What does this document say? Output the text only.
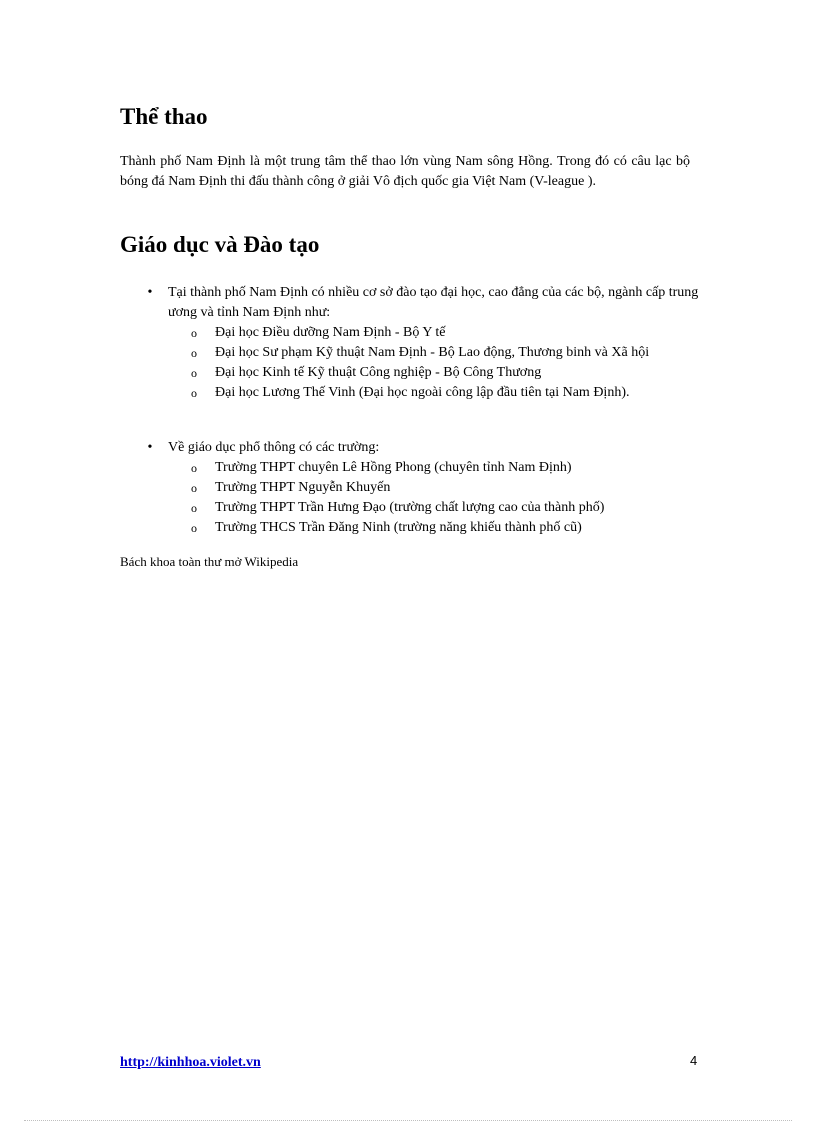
Thể thao

Thành phố Nam Định là một trung tâm thể thao lớn vùng Nam sông Hồng. Trong đó có câu lạc bộ bóng đá Nam Định thi đấu thành công ở giải Vô địch quốc gia Việt Nam (V-league ).

Giáo dục và Đào tạo
•	Tại thành phố Nam Định có nhiều cơ sở đào tạo đại học, cao đẳng của các bộ, ngành cấp trung ương và tỉnh Nam Định như:
o Đại học Điều dưỡng Nam Định - Bộ Y tế
o Đại học Sư phạm Kỹ thuật Nam Định - Bộ Lao động, Thương binh và Xã hội
o Đại học Kinh tế Kỹ thuật Công nghiệp - Bộ Công Thương
o Đại học Lương Thế Vinh (Đại học ngoài công lập đầu tiên tại Nam Định).
•	Về giáo dục phổ thông có các trường:
o Trường THPT chuyên Lê Hồng Phong (chuyên tỉnh Nam Định)
o Trường THPT Nguyễn Khuyến
o Trường THPT Trần Hưng Đạo (trường chất lượng cao của thành phố)
o Trường THCS Trần Đăng Ninh (trường năng khiếu thành phố cũ)
Bách khoa toàn thư mở Wikipedia
http://kinhhoa.violet.vn	4
